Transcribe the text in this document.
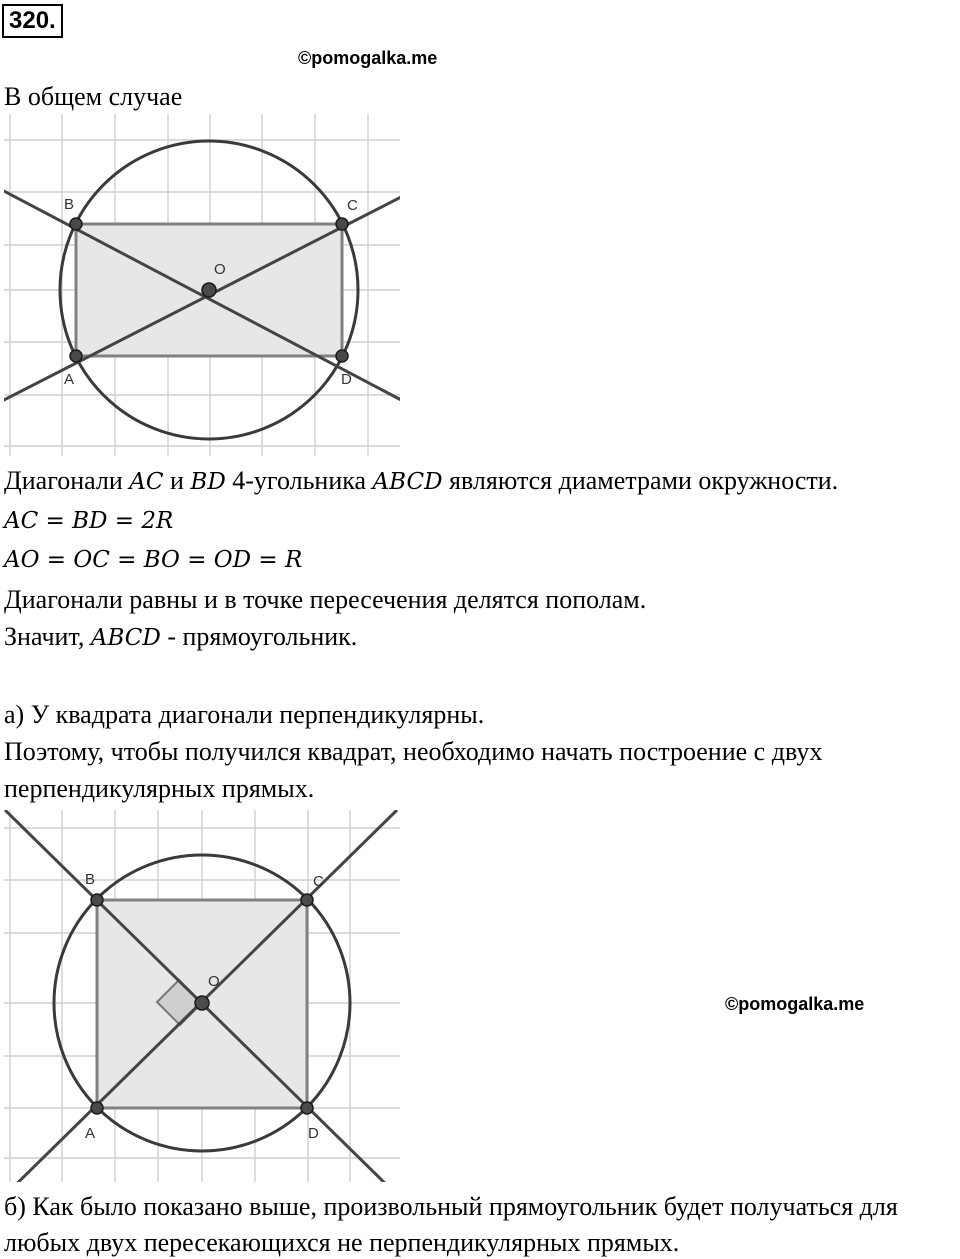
320.
©pomogalka.me
В общем случае
B	C
O
A	D
Диагонали AC и BD 4-угольника ABCD являются диаметрами окружности.
AC = BD = 2R
AO = OC = BO = OD = R
Диагонали равны и в точке пересечения делятся пополам.
Значит, ABCD - прямоугольник.
а) У квадрата диагонали перпендикулярны.
Поэтому, чтобы получился квадрат, необходимо начать построение с двух
перпендикулярных прямых.
B	C
O
A	D
©pomogalka.me
б) Как было показано выше, произвольный прямоугольник будет получаться для
любых двух пересекающихся не перпендикулярных прямых.
